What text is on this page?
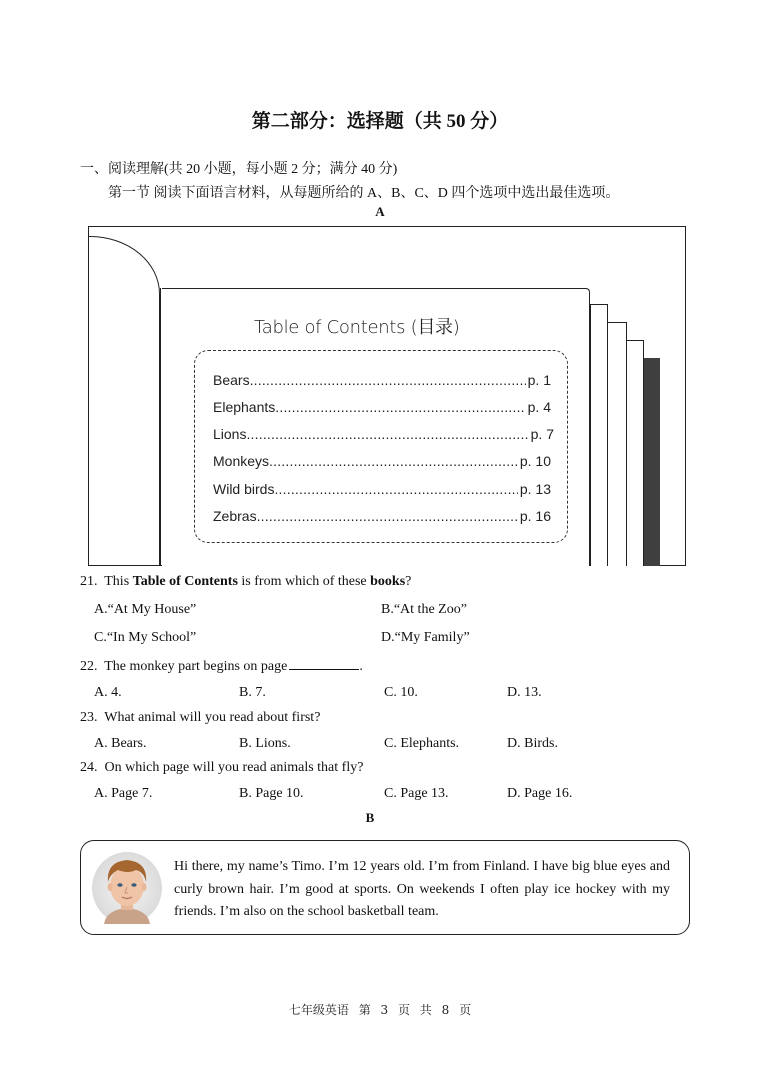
第二部分：选择题（共 50 分）
一、阅读理解(共 20 小题，每小题 2 分；满分 40 分)
第一节 阅读下面语言材料，从每题所给的 A、B、C、D 四个选项中选出最佳选项。
A
Table of Contents (目录)
Bears .....	p. 1
Elephants .....	p. 4
Lions .....	p. 7
Monkeys .....	p. 10
Wild birds .....	p. 13
Zebras .....	p. 16
21. This Table of Contents is from which of these books?
A.“At My House”	B.“At the Zoo”
C.“In My School”	D.“My Family”
22. The monkey part begins on page	.
A. 4.	B. 7.	C. 10.	D. 13.
23. What animal will you read about first?
A. Bears.	B. Lions.	C. Elephants.	D. Birds.
24. On which page will you read animals that fly?
A. Page 7.	B. Page 10.	C. Page 13.	D. Page 16.
B
Hi there, my name’s Timo. I’m 12 years old. I’m from Finland. I have big blue eyes and curly brown hair. I’m good at sports. On weekends I often play ice hockey with my friends. I’m also on the school basketball team.
七年级英语 第 3 页 共 8 页
